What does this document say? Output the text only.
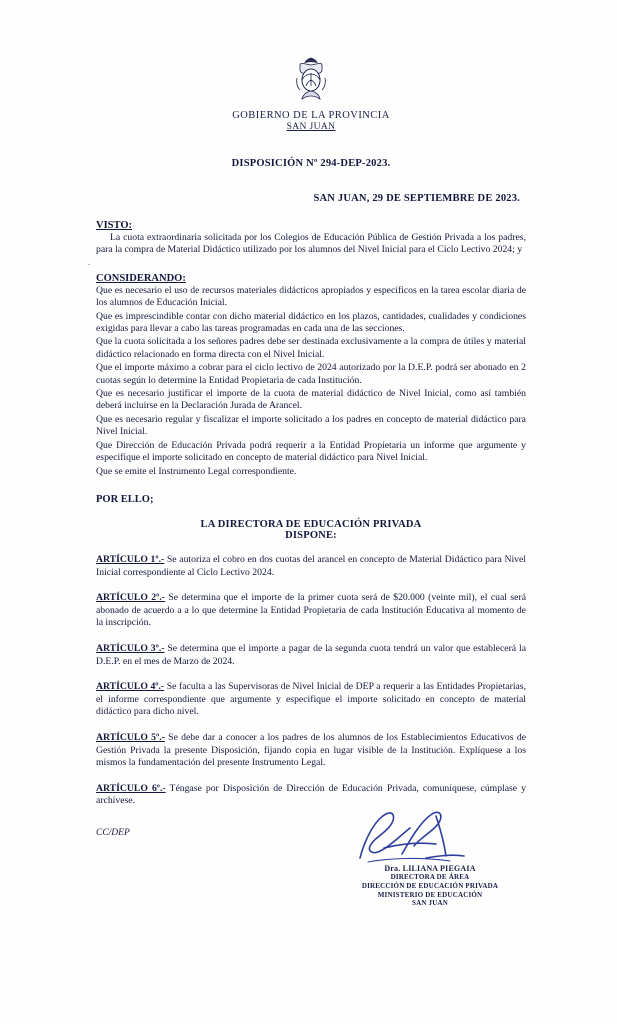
GOBIERNO DE LA PROVINCIA
SAN JUAN
DISPOSICIÓN Nº 294-DEP-2023.
SAN JUAN, 29 DE SEPTIEMBRE DE 2023.
VISTO:

La cuota extraordinaria solicitada por los Colegios de Educación Pública de Gestión Privada a los padres, para la compra de Material Didáctico utilizado por los alumnos del Nivel Inicial para el Ciclo Lectivo 2024; y

CONSIDERANDO:

Que es necesario el uso de recursos materiales didácticos apropiados y específicos en la tarea escolar diaria de los alumnos de Educación Inicial.

Que es imprescindible contar con dicho material didáctico en los plazos, cantidades, cualidades y condiciones exigidas para llevar a cabo las tareas programadas en cada una de las secciones.

Que la cuota solicitada a los señores padres debe ser destinada exclusivamente a la compra de útiles y material didáctico relacionado en forma directa con el Nivel Inicial.

Que el importe máximo a cobrar para el ciclo lectivo de 2024 autorizado por la D.E.P. podrá ser abonado en 2 cuotas según lo determine la Entidad Propietaria de cada Institución.

Que es necesario justificar el importe de la cuota de material didáctico de Nivel Inicial, como así también deberá incluirse en la Declaración Jurada de Arancel.

Que es necesario regular y fiscalizar el importe solicitado a los padres en concepto de material didáctico para Nivel Inicial.

Que Dirección de Educación Privada podrá requerir a la Entidad Propietaria un informe que argumente y especifique el importe solicitado en concepto de material didáctico para Nivel Inicial.

Que se emite el Instrumento Legal correspondiente.

POR ELLO;
LA DIRECTORA DE EDUCACIÓN PRIVADA
DISPONE:

ARTÍCULO 1º.- Se autoriza el cobro en dos cuotas del arancel en concepto de Material Didáctico para Nivel Inicial correspondiente al Ciclo Lectivo 2024.

ARTÍCULO 2º.- Se determina que el importe de la primer cuota será de $20.000 (veinte mil), el cual será abonado de acuerdo a a lo que determine la Entidad Propietaria de cada Institución Educativa al momento de la inscripción.

ARTÍCULO 3º.- Se determina que el importe a pagar de la segunda cuota tendrá un valor que establecerá la D.E.P. en el mes de Marzo de 2024.

ARTÍCULO 4º.- Se faculta a las Supervisoras de Nivel Inicial de DEP a requerir a las Entidades Propietarias, el informe correspondiente que argumente y especifique el importe solicitado en concepto de material didáctico para dicho nivel.

ARTÍCULO 5º.- Se debe dar a conocer a los padres de los alumnos de los Establecimientos Educativos de Gestión Privada la presente Disposición, fijando copia en lugar visible de la Institución. Explíquese a los mismos la fundamentación del presente Instrumento Legal.

ARTÍCULO 6º.- Téngase por Disposición de Dirección de Educación Privada, comuníquese, cúmplase y archívese.

CC/DEP
.
Dra. LILIANA PIEGAIA
DIRECTORA DE ÁREA
DIRECCIÓN DE EDUCACIÓN PRIVADA
MINISTERIO DE EDUCACIÓN
SAN JUAN
